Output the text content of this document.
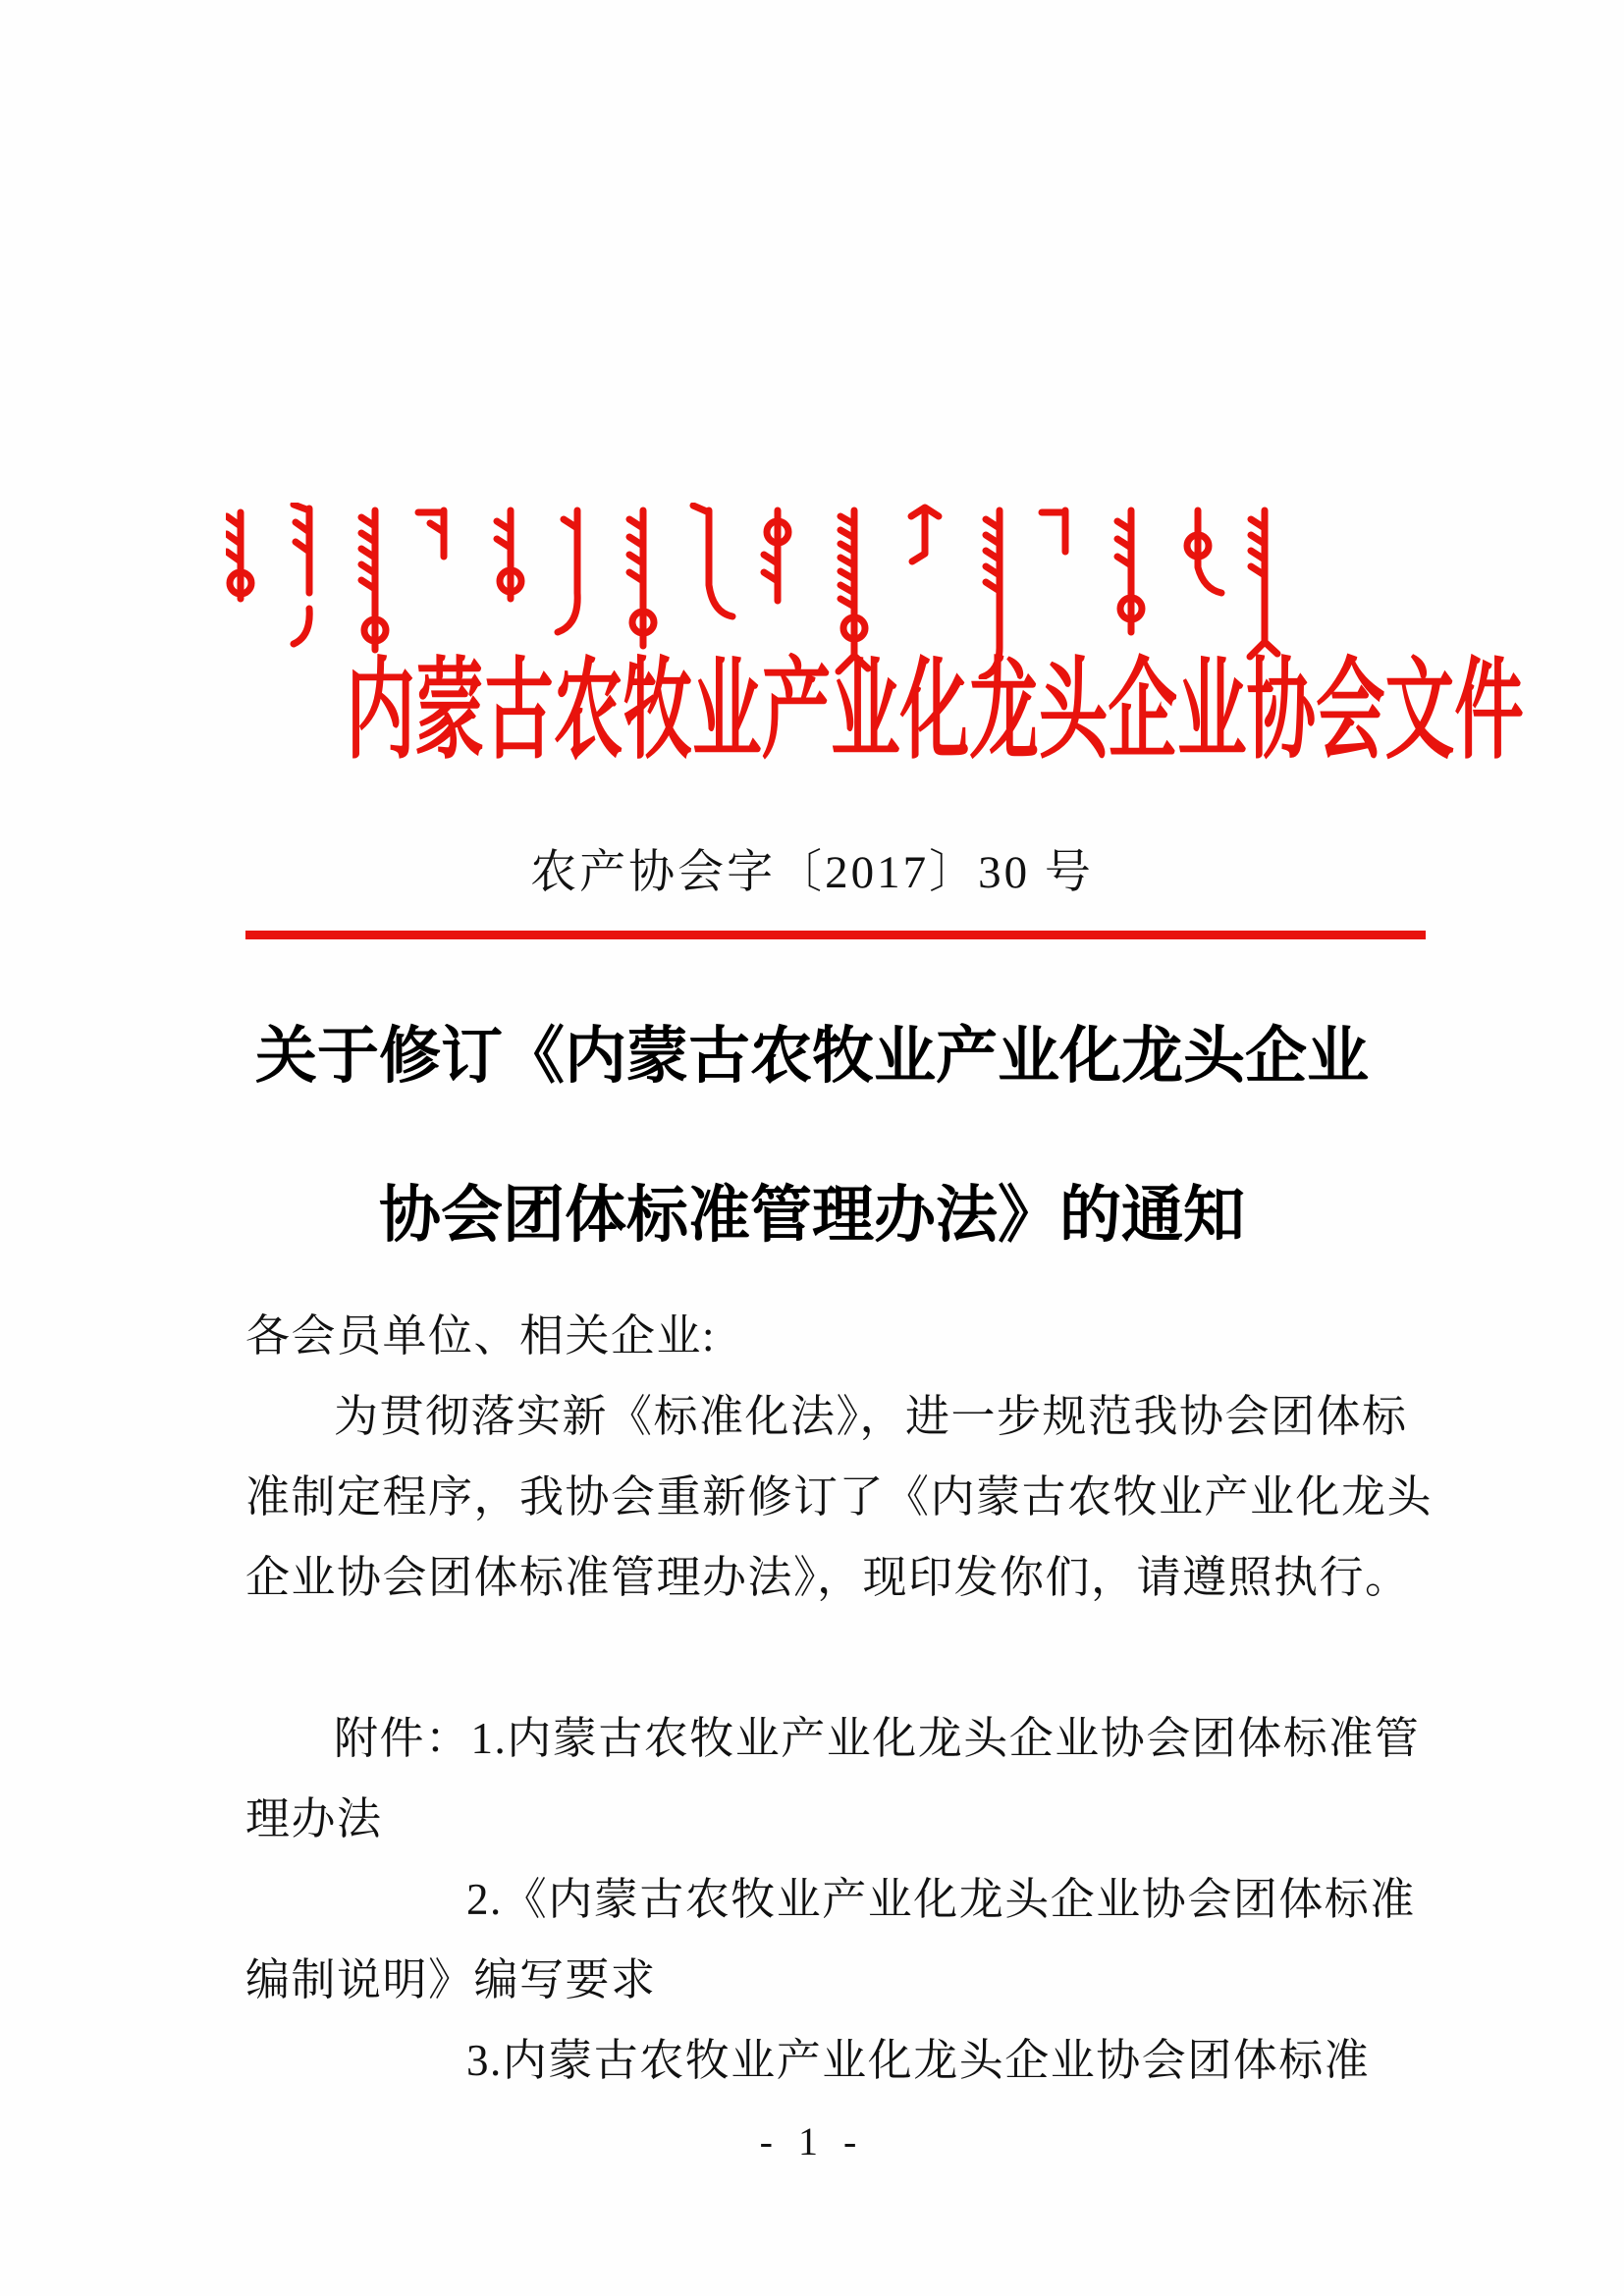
内蒙古农牧业产业化龙头企业协会文件
农产协会字〔2017〕30 号
关于修订《内蒙古农牧业产业化龙头企业
协会团体标准管理办法》的通知
各会员单位、相关企业:
为贯彻落实新《标准化法》，进一步规范我协会团体标
准制定程序，我协会重新修订了《内蒙古农牧业产业化龙头
企业协会团体标准管理办法》，现印发你们，请遵照执行。
附件：1.内蒙古农牧业产业化龙头企业协会团体标准管
理办法
2.《内蒙古农牧业产业化龙头企业协会团体标准
编制说明》编写要求
3.内蒙古农牧业产业化龙头企业协会团体标准
- 1 -
